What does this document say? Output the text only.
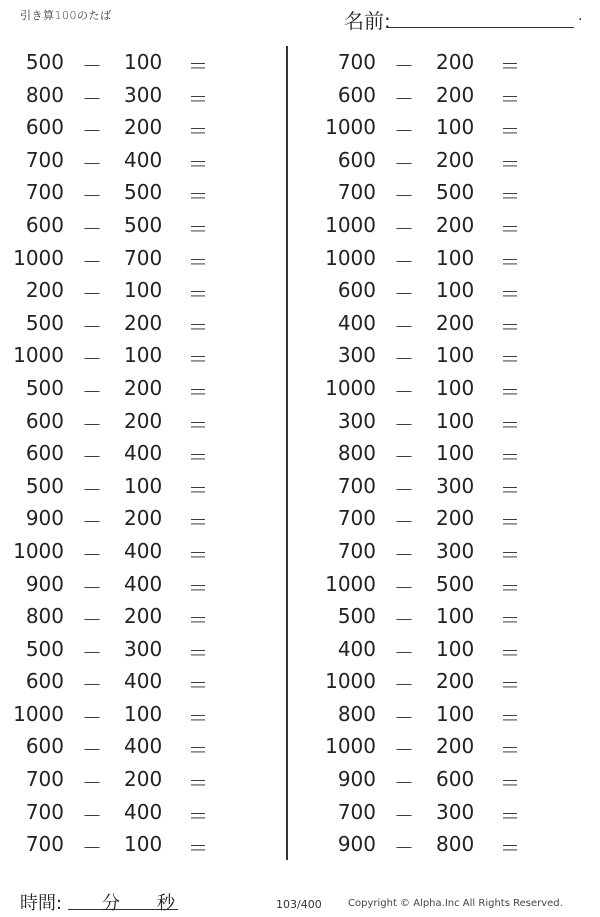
引き算100のたば	名前:	.
500 － 100 ＝
800 － 300 ＝
600 － 200 ＝
700 － 400 ＝
700 － 500 ＝
600 － 500 ＝
1000 － 700 ＝
200 － 100 ＝
500 － 200 ＝
1000 － 100 ＝
500 － 200 ＝
600 － 200 ＝
600 － 400 ＝
500 － 100 ＝
900 － 200 ＝
1000 － 400 ＝
900 － 400 ＝
800 － 200 ＝
500 － 300 ＝
600 － 400 ＝
1000 － 100 ＝
600 － 400 ＝
700 － 200 ＝
700 － 400 ＝
700 － 100 ＝
700 － 200 ＝
600 － 200 ＝
1000 － 100 ＝
600 － 200 ＝
700 － 500 ＝
1000 － 200 ＝
1000 － 100 ＝
600 － 100 ＝
400 － 200 ＝
300 － 100 ＝
1000 － 100 ＝
300 － 100 ＝
800 － 100 ＝
700 － 300 ＝
700 － 200 ＝
700 － 300 ＝
1000 － 500 ＝
500 － 100 ＝
400 － 100 ＝
1000 － 200 ＝
800 － 100 ＝
1000 － 200 ＝
900 － 600 ＝
700 － 300 ＝
900 － 800 ＝
時間: 分 秒	103/400	Copyright © Alpha.Inc All Rights Reserved.
